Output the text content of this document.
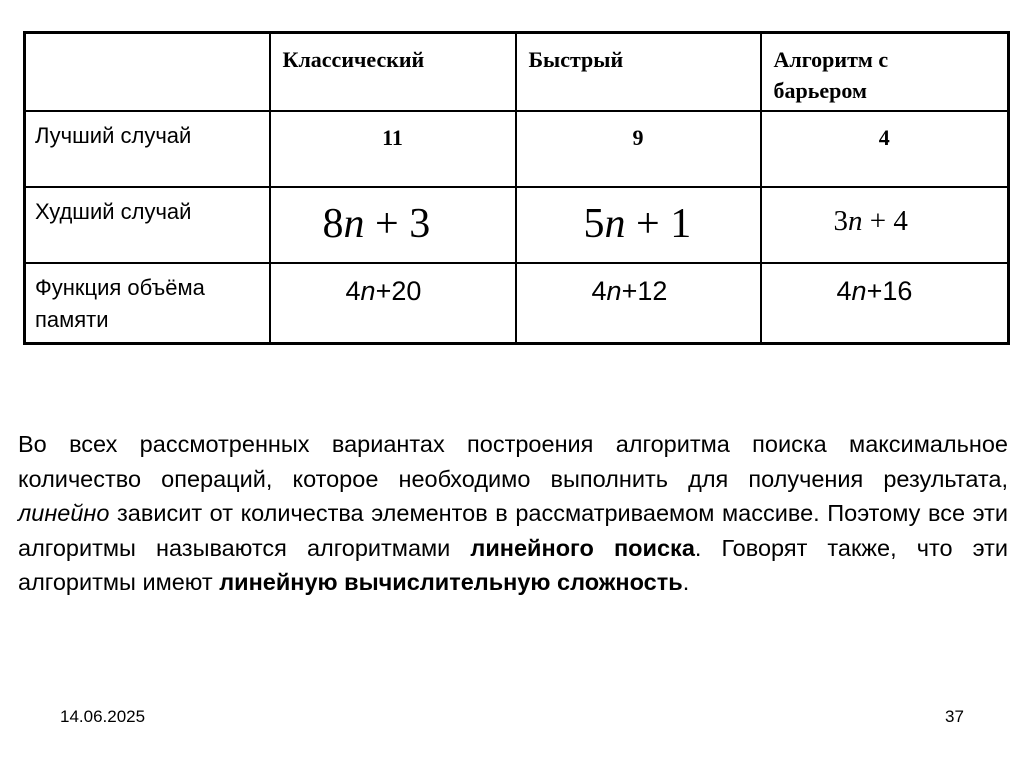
	Классический	Быстрый	Алгоритм с барьером

Лучший случай	11	9	4

Худший случай	8n + 3	5n + 1	3n + 4

Функция объёма памяти	4n+20	4n+12	4n+16
Во всех рассмотренных вариантах построения алгоритма поиска максимальное количество операций, которое необходимо выполнить для получения результата, линейно зависит от количества элементов в рассматриваемом массиве. Поэтому все эти алгоритмы называются алгоритмами линейного поиска. Говорят также, что эти алгоритмы имеют линейную вычислительную сложность.
14.06.2025	37
